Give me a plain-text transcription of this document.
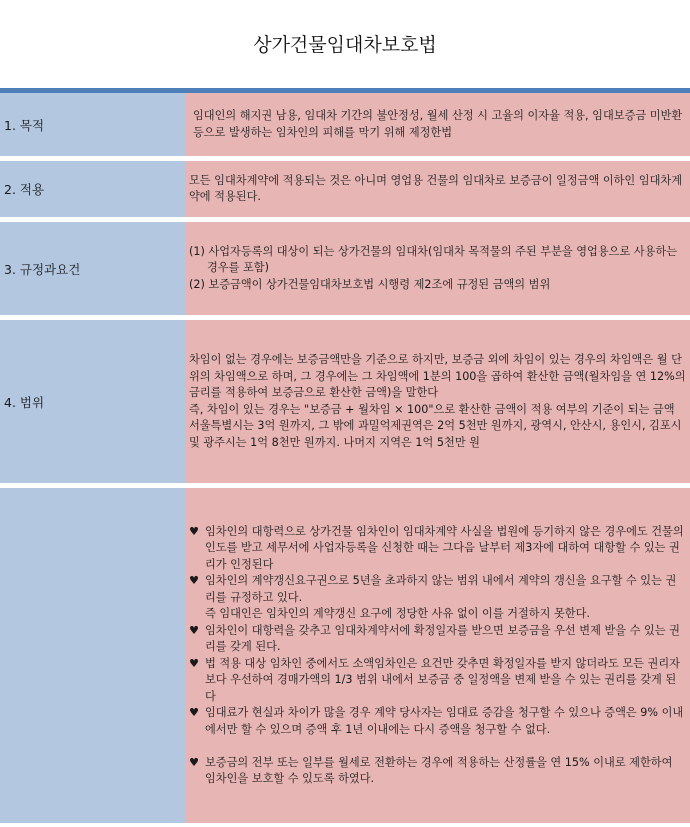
상가건물임대차보호법
1. 목적

임대인의 해지권 남용, 임대차 기간의 불안정성, 월세 산정 시 고율의 이자율 적용, 임대보증금 미반환 등으로 발생하는 임차인의 피해를 막기 위해 제정한법

2. 적용

모든 임대차계약에 적용되는 것은 아니며 영업용 건물의 임대차로 보증금이 일정금액 이하인 임대차계약에 적용된다.

3. 규정과요건

(1) 사업자등록의 대상이 되는 상가건물의 임대차(임대차 목적물의 주된 부분을 영업용으로 사용하는 경우를 포함)

(2) 보증금액이 상가건물임대차보호법 시행령 제2조에 규정된 금액의 범위

4. 범위

차임이 없는 경우에는 보증금액만을 기준으로 하지만, 보증금 외에 차임이 있는 경우의 차임액은 월 단위의 차임액으로 하며, 그 경우에는 그 차임액에 1분의 100을 곱하여 환산한 금액(월차임을 연 12%의 금리를 적용하여 보증금으로 환산한 금액)을 말한다

즉, 차임이 있는 경우는 "보증금 + 월차임 × 100"으로 환산한 금액이 적용 여부의 기준이 되는 금액

서울특별시는 3억 원까지, 그 밖에 과밀억제권역은 2억 5천만 원까지, 광역시, 안산시, 용인시, 김포시 및 광주시는 1억 8천만 원까지. 나머지 지역은 1억 5천만 원

♥ 임차인의 대항력으로 상가건물 임차인이 임대차계약 사실을 법원에 등기하지 않은 경우에도 건물의 인도를 받고 세무서에 사업자등록을 신청한 때는 그다음 날부터 제3자에 대하여 대항할 수 있는 권리가 인정된다
♥ 임차인의 계약갱신요구권으로 5년을 초과하지 않는 범위 내에서 계약의 갱신을 요구할 수 있는 권리를 규정하고 있다.
즉 임대인은 임차인의 계약갱신 요구에 정당한 사유 없이 이를 거절하지 못한다.
♥ 임차인이 대항력을 갖추고 임대차계약서에 확정일자를 받으면 보증금을 우선 변제 받을 수 있는 권리를 갖게 된다.
♥ 법 적용 대상 임차인 중에서도 소액임차인은 요건만 갖추면 확정일자를 받지 않더라도 모든 권리자보다 우선하여 경매가액의 1/3 범위 내에서 보증금 중 일정액을 변제 받을 수 있는 권리를 갖게 된다
♥ 임대료가 현실과 차이가 많을 경우 계약 당사자는 임대료 증감을 청구할 수 있으나 증액은 9% 이내에서만 할 수 있으며 증액 후 1년 이내에는 다시 증액을 청구할 수 없다.
♥ 보증금의 전부 또는 일부를 월세로 전환하는 경우에 적용하는 산정률을 연 15% 이내로 제한하여 임차인을 보호할 수 있도록 하였다.
